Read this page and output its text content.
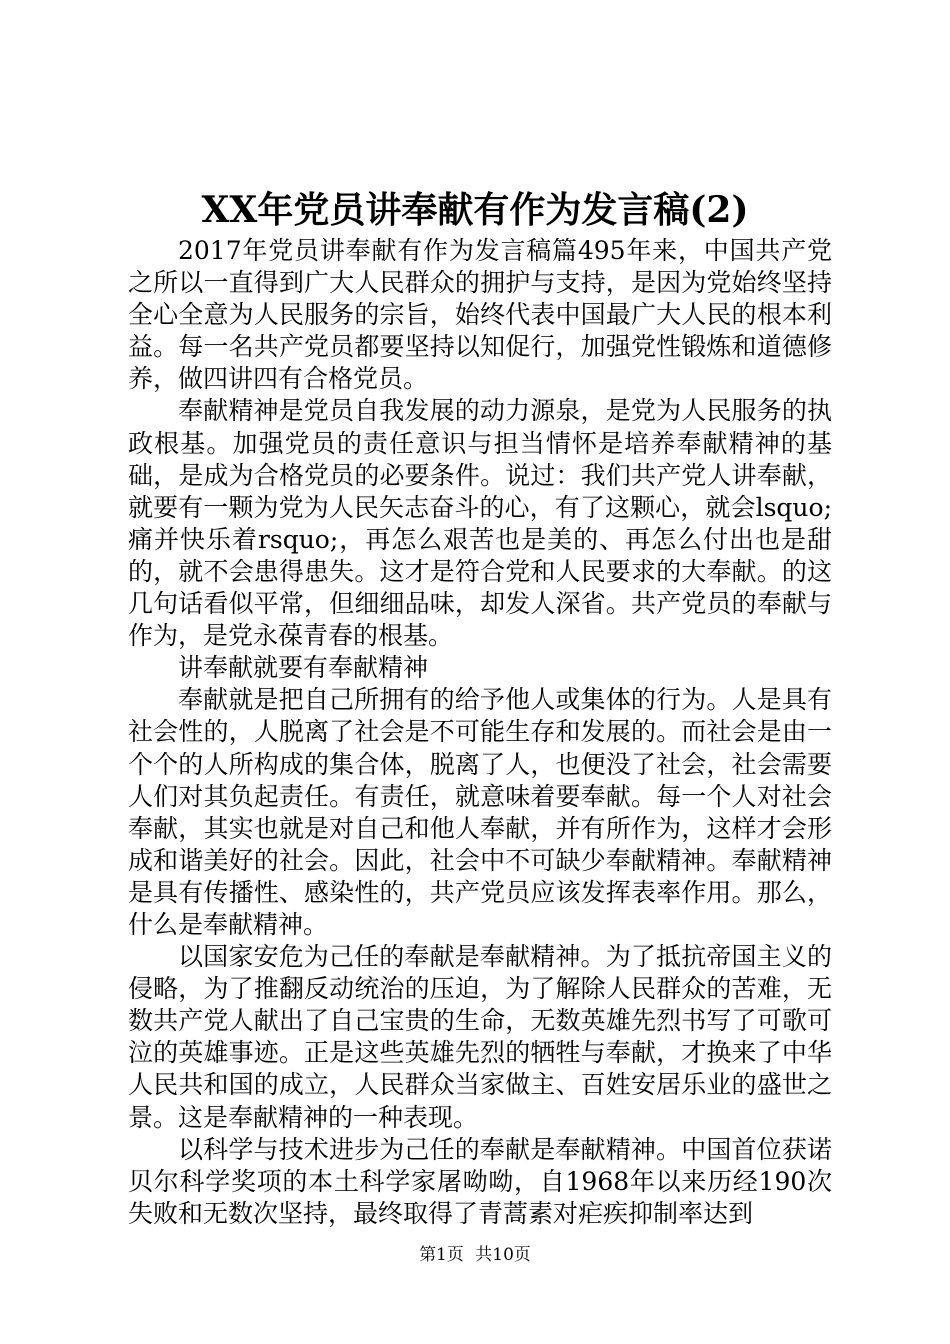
XX年党员讲奉献有作为发言稿(2)

2017年党员讲奉献有作为发言稿篇495年来，中国共产党之所以一直得到广大人民群众的拥护与支持，是因为党始终坚持全心全意为人民服务的宗旨，始终代表中国最广大人民的根本利益。每一名共产党员都要坚持以知促行，加强党性锻炼和道德修养，做四讲四有合格党员。

奉献精神是党员自我发展的动力源泉，是党为人民服务的执政根基。加强党员的责任意识与担当情怀是培养奉献精神的基础，是成为合格党员的必要条件。说过：我们共产党人讲奉献，就要有一颗为党为人民矢志奋斗的心，有了这颗心，就会lsquo;痛并快乐着rsquo;，再怎么艰苦也是美的、再怎么付出也是甜的，就不会患得患失。这才是符合党和人民要求的大奉献。的这几句话看似平常，但细细品味，却发人深省。共产党员的奉献与作为，是党永葆青春的根基。

讲奉献就要有奉献精神

奉献就是把自己所拥有的给予他人或集体的行为。人是具有社会性的，人脱离了社会是不可能生存和发展的。而社会是由一个个的人所构成的集合体，脱离了人，也便没了社会，社会需要人们对其负起责任。有责任，就意味着要奉献。每一个人对社会奉献，其实也就是对自己和他人奉献，并有所作为，这样才会形成和谐美好的社会。因此，社会中不可缺少奉献精神。奉献精神是具有传播性、感染性的，共产党员应该发挥表率作用。那么，什么是奉献精神。

以国家安危为己任的奉献是奉献精神。为了抵抗帝国主义的侵略，为了推翻反动统治的压迫，为了解除人民群众的苦难，无数共产党人献出了自己宝贵的生命，无数英雄先烈书写了可歌可泣的英雄事迹。正是这些英雄先烈的牺牲与奉献，才换来了中华人民共和国的成立，人民群众当家做主、百姓安居乐业的盛世之景。这是奉献精神的一种表现。

以科学与技术进步为己任的奉献是奉献精神。中国首位获诺贝尔科学奖项的本土科学家屠呦呦，自1968年以来历经190次失败和无数次坚持，最终取得了青蒿素对疟疾抑制率达到

第1页 共10页
